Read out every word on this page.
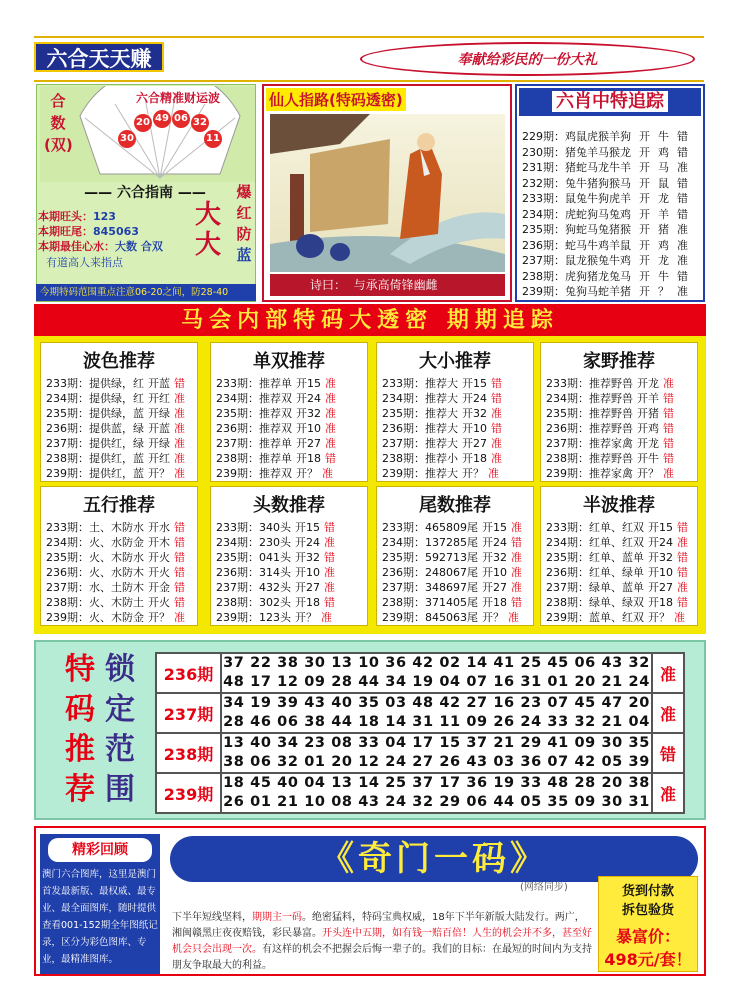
六合天天赚	奉献给彩民的一份大礼
合数(双)
六合精准财运波
20 49 06 32
30	11
—— 六合指南 ——
本期旺头：123
本期旺尾：845063
本期最佳心水：大数 合双
有道高人来指点
大
大
爆
红
防
蓝
今期特码范围重点注意06-20之间，防28-40
仙人指路(特码透密)
诗曰： 与承高倚锋幽雌
六肖中特追踪
229期：鸡鼠虎猴羊狗 开 牛 错
230期：猪兔羊马猴龙 开 鸡 错
231期：猪蛇马龙牛羊 开 马 准
232期：兔牛猪狗猴马 开 鼠 错
233期：鼠兔牛狗虎羊 开 龙 错
234期：虎蛇狗马兔鸡 开 羊 错
235期：狗蛇马兔猪猴 开 猪 准
236期：蛇马牛鸡羊鼠 开 鸡 准
237期：鼠龙猴兔牛鸡 开 龙 准
238期：虎狗猪龙兔马 开 牛 错
239期：兔狗马蛇羊猪 开 ？ 准
马会内部特码大透密 期期追踪
波色推荐
233期：提供绿，红 开蓝 错
234期：提供绿，红 开红 准
235期：提供绿，蓝 开绿 准
236期：提供蓝，绿 开蓝 准
237期：提供红，绿 开绿 准
238期：提供红，蓝 开红 准
239期：提供红，蓝 开？ 准
单双推荐
233期：推荐单 开15 准
234期：推荐双 开24 准
235期：推荐双 开32 准
236期：推荐双 开10 准
237期：推荐单 开27 准
238期：推荐单 开18 错
239期：推荐双 开？ 准
大小推荐
233期：推荐大 开15 错
234期：推荐大 开24 错
235期：推荐大 开32 准
236期：推荐大 开10 错
237期：推荐大 开27 准
238期：推荐小 开18 准
239期：推荐大 开？ 准
家野推荐
233期：推荐野兽 开龙 准
234期：推荐野兽 开羊 错
235期：推荐野兽 开猪 错
236期：推荐野兽 开鸡 错
237期：推荐家禽 开龙 错
238期：推荐野兽 开牛 错
239期：推荐家禽 开？ 准
五行推荐
233期：土、木防水 开水 错
234期：火、水防金 开木 错
235期：火、木防水 开火 错
236期：火、水防木 开火 错
237期：水、土防木 开金 错
238期：火、木防土 开火 错
239期：火、木防金 开？ 准
头数推荐
233期：340头 开15 错
234期：230头 开24 准
235期：041头 开32 错
236期：314头 开10 准
237期：432头 开27 准
238期：302头 开18 错
239期：123头 开？ 准
尾数推荐
233期：465809尾 开15 准
234期：137285尾 开24 错
235期：592713尾 开32 准
236期：248067尾 开10 准
237期：348697尾 开27 准
238期：371405尾 开18 错
239期：845063尾 开？ 准
半波推荐
233期：红单、红双 开15 错
234期：红单、红双 开24 准
235期：红单、蓝单 开32 错
236期：红单、绿单 开10 错
237期：绿单、蓝单 开27 准
238期：绿单、绿双 开18 错
239期：蓝单、红双 开？ 准
特
码
推
荐
锁
定
范
围
236期	37 22 38 30 13 10 36 42 02 14 41 25 45 06 43 32
48 17 12 09 28 44 34 19 04 07 16 31 01 20 21 24	准
237期	34 19 39 43 40 35 03 48 42 27 16 23 07 45 47 20
28 46 06 38 44 18 14 31 11 09 26 24 33 32 21 04	准
238期	13 40 34 23 08 33 04 17 15 37 21 29 41 09 30 35
38 06 32 01 20 12 24 27 26 43 03 36 07 42 05 39	错
239期	18 45 40 04 13 14 25 37 17 36 19 33 48 28 20 38
26 01 21 10 08 43 24 32 29 06 44 05 35 09 30 31	准
精彩回顾
澳门六合图库，这里是澳门首发最新版、最权威、最专业、最全面图库，随时提供查看001-152期全年图纸记录，区分为彩色图库、专业，最精准图库。
《奇门一码》
(网络同步)	货到付款
拆包验货
暴富价：
498元/套！
下半年短线坚料，期期主一码。绝密猛料，特码宝典权威，18年下半年新版大陆发行。两广，湘闽赣黑庄夜夜赔钱，彩民暴富。开头连中五期，如有钱一赔百倍！人生的机会并不多，甚至好机会只会出现一次。有这样的机会不把握会后悔一辈子的。我们的目标：在最短的时间内为支持朋友争取最大的利益。
